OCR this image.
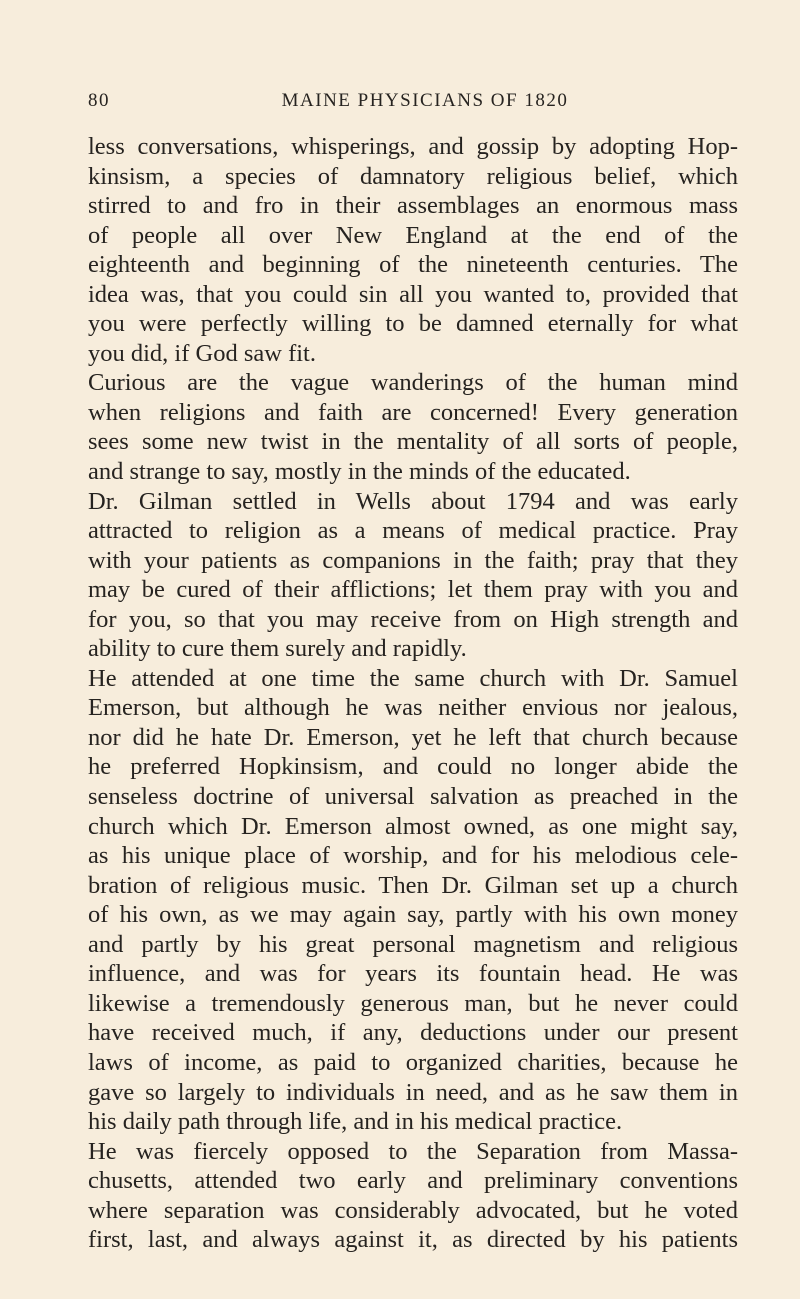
80	MAINE PHYSICIANS OF 1820
less conversations, whisperings, and gossip by adopting Hop-
kinsism, a species of damnatory religious belief, which
stirred to and fro in their assemblages an enormous mass
of people all over New England at the end of the
eighteenth and beginning of the nineteenth centuries. The
idea was, that you could sin all you wanted to, provided that
you were perfectly willing to be damned eternally for what
you did, if God saw fit.
Curious are the vague wanderings of the human mind
when religions and faith are concerned! Every generation
sees some new twist in the mentality of all sorts of people,
and strange to say, mostly in the minds of the educated.
Dr. Gilman settled in Wells about 1794 and was early
attracted to religion as a means of medical practice. Pray
with your patients as companions in the faith; pray that they
may be cured of their afflictions; let them pray with you and
for you, so that you may receive from on High strength and
ability to cure them surely and rapidly.
He attended at one time the same church with Dr. Samuel
Emerson, but although he was neither envious nor jealous,
nor did he hate Dr. Emerson, yet he left that church because
he preferred Hopkinsism, and could no longer abide the
senseless doctrine of universal salvation as preached in the
church which Dr. Emerson almost owned, as one might say,
as his unique place of worship, and for his melodious cele-
bration of religious music. Then Dr. Gilman set up a church
of his own, as we may again say, partly with his own money
and partly by his great personal magnetism and religious
influence, and was for years its fountain head. He was
likewise a tremendously generous man, but he never could
have received much, if any, deductions under our present
laws of income, as paid to organized charities, because he
gave so largely to individuals in need, and as he saw them in
his daily path through life, and in his medical practice.
He was fiercely opposed to the Separation from Massa-
chusetts, attended two early and preliminary conventions
where separation was considerably advocated, but he voted
first, last, and always against it, as directed by his patients
